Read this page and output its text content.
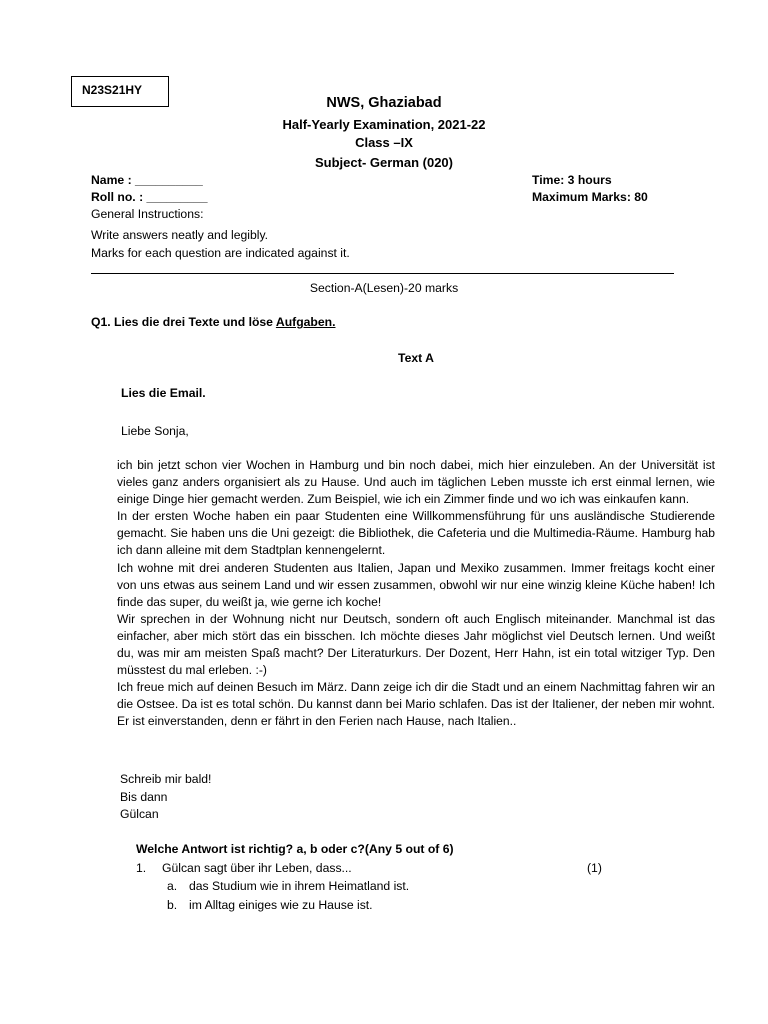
N23S21HY
NWS, Ghaziabad
Half-Yearly Examination, 2021-22
Class –IX
Subject- German (020)
Name : __________
Roll no. : _________
Time: 3 hours
Maximum Marks: 80
General Instructions:
Write answers neatly and legibly.
Marks for each question are indicated against it.
Section-A(Lesen)-20 marks
Q1. Lies die drei Texte und löse Aufgaben.
Text A
Lies die Email.
Liebe Sonja,

ich bin jetzt schon vier Wochen in Hamburg und bin noch dabei, mich hier einzuleben. An der Universität ist vieles ganz anders organisiert als zu Hause. Und auch im täglichen Leben musste ich erst einmal lernen, wie einige Dinge hier gemacht werden. Zum Beispiel, wie ich ein Zimmer finde und wo ich was einkaufen kann.

In der ersten Woche haben ein paar Studenten eine Willkommensführung für uns ausländische Studierende gemacht. Sie haben uns die Uni gezeigt: die Bibliothek, die Cafeteria und die Multimedia-Räume. Hamburg hab ich dann alleine mit dem Stadtplan kennengelernt.

Ich wohne mit drei anderen Studenten aus Italien, Japan und Mexiko zusammen. Immer freitags kocht einer von uns etwas aus seinem Land und wir essen zusammen, obwohl wir nur eine winzig kleine Küche haben! Ich finde das super, du weißt ja, wie gerne ich koche!

Wir sprechen in der Wohnung nicht nur Deutsch, sondern oft auch Englisch miteinander. Manchmal ist das einfacher, aber mich stört das ein bisschen. Ich möchte dieses Jahr möglichst viel Deutsch lernen. Und weißt du, was mir am meisten Spaß macht? Der Literaturkurs. Der Dozent, Herr Hahn, ist ein total witziger Typ. Den müsstest du mal erleben. :-)

Ich freue mich auf deinen Besuch im März. Dann zeige ich dir die Stadt und an einem Nachmittag fahren wir an die Ostsee. Da ist es total schön. Du kannst dann bei Mario schlafen. Das ist der Italiener, der neben mir wohnt. Er ist einverstanden, denn er fährt in den Ferien nach Hause, nach Italien..

Schreib mir bald!
Bis dann
Gülcan
Welche Antwort ist richtig? a, b oder c?(Any 5 out of 6)
1. Gülcan sagt über ihr Leben, dass...	(1)
a. das Studium wie in ihrem Heimatland ist.
b. im Alltag einiges wie zu Hause ist.
